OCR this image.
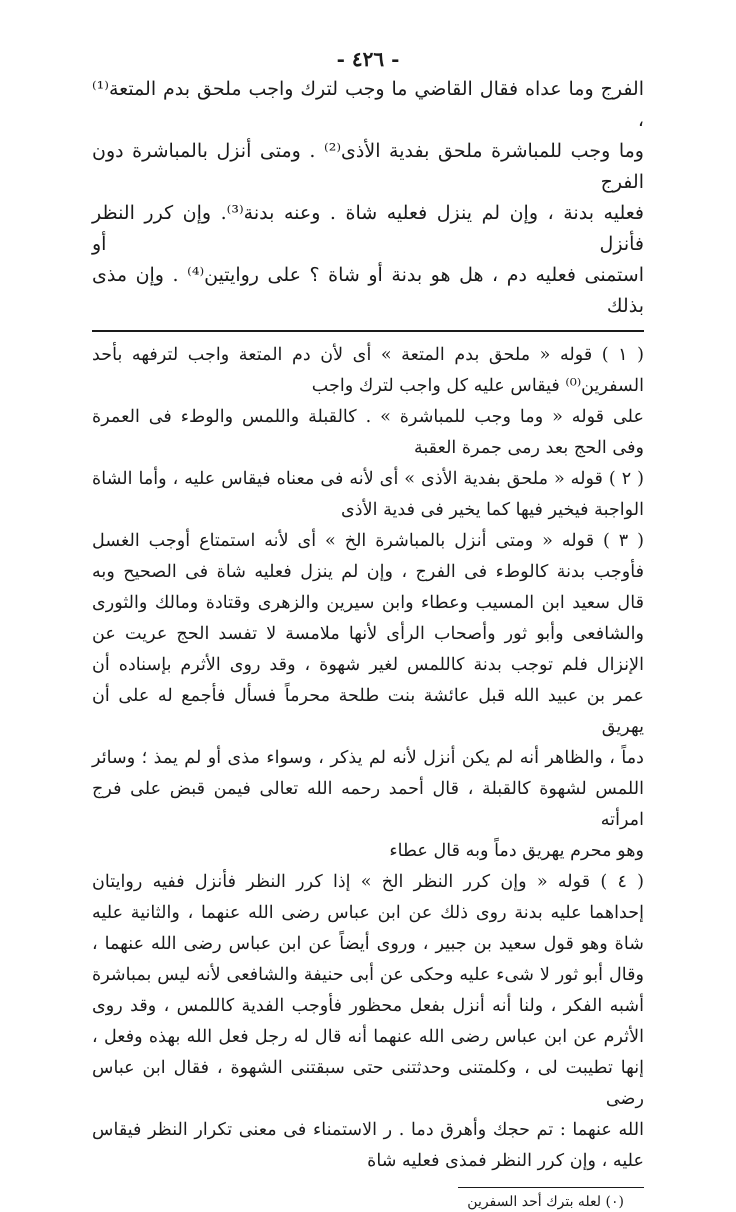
- ٤٢٦ -

الفرج وما عداه فقال القاضي ما وجب لترك واجب ملحق بدم المتعة⁽¹⁾ ،

وما وجب للمباشرة ملحق بفدية الأذى⁽²⁾ . ومتى أنزل بالمباشرة دون الفرج

فعليه بدنة ، وإن لم ينزل فعليه شاة . وعنه بدنة⁽³⁾. وإن كرر النظر فأنزل أو

استمنى فعليه دم ، هل هو بدنة أو شاة ؟ على روايتين⁽⁴⁾ . وإن مذى بذلك

( ١ ) قوله « ملحق بدم المتعة » أى لأن دم المتعة واجب لترفهه بأحد

السفرين⁽⁰⁾ فيقاس عليه كل واجب لترك واجب

على قوله « وما وجب للمباشرة » . كالقبلة واللمس والوطء فى العمرة

وفى الحج بعد رمى جمرة العقبة

( ٢ ) قوله « ملحق بفدية الأذى » أى لأنه فى معناه فيقاس عليه ، وأما الشاة

الواجبة فيخير فيها كما يخير فى فدية الأذى

( ٣ ) قوله « ومتى أنزل بالمباشرة الخ » أى لأنه استمتاع أوجب الغسل

فأوجب بدنة كالوطء فى الفرج ، وإن لم ينزل فعليه شاة فى الصحيح وبه

قال سعيد ابن المسيب وعطاء وابن سيرين والزهرى وقتادة ومالك والثورى

والشافعى وأبو ثور وأصحاب الرأى لأنها ملامسة لا تفسد الحج عريت عن

الإنزال فلم توجب بدنة كاللمس لغير شهوة ، وقد روى الأثرم بإسناده أن

عمر بن عبيد الله قبل عائشة بنت طلحة محرماً فسأل فأجمع له على أن يهريق

دماً ، والظاهر أنه لم يكن أنزل لأنه لم يذكر ، وسواء مذى أو لم يمذ ؛ وسائر

اللمس لشهوة كالقبلة ، قال أحمد رحمه الله تعالى فيمن قبض على فرج امرأته

وهو محرم يهريق دماً وبه قال عطاء

( ٤ ) قوله « وإن كرر النظر الخ » إذا كرر النظر فأنزل ففيه روايتان

إحداهما عليه بدنة روى ذلك عن ابن عباس رضى الله عنهما ، والثانية عليه

شاة وهو قول سعيد بن جبير ، وروى أيضاً عن ابن عباس رضى الله عنهما ،

وقال أبو ثور لا شىء عليه وحكى عن أبى حنيفة والشافعى لأنه ليس بمباشرة

أشبه الفكر ، ولنا أنه أنزل بفعل محظور فأوجب الفدية كاللمس ، وقد روى

الأثرم عن ابن عباس رضى الله عنهما أنه قال له رجل فعل الله بهذه وفعل ،

إنها تطيبت لى ، وكلمتنى وحدثتنى حتى سبقتنى الشهوة ، فقال ابن عباس رضى

الله عنهما : تم حجك وأهرق دما . ر الاستمناء فى معنى تكرار النظر فيقاس

عليه ، وإن كرر النظر فمذى فعليه شاة

(٠) لعله بترك أحد السفرين
